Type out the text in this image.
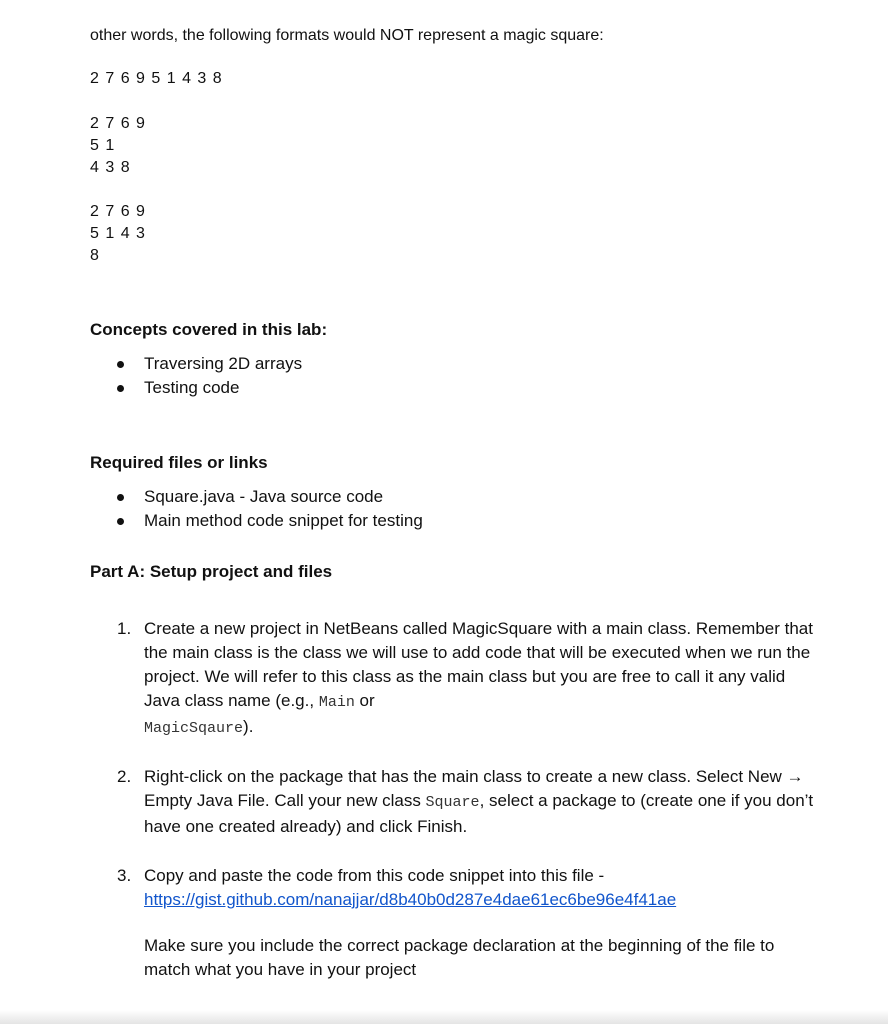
other words, the following formats would NOT represent a magic square:

2 7 6 9 5 1 4 3 8
2 7 6 9
5 1
4 3 8
2 7 6 9
5 1 4 3
8
Concepts covered in this lab:
Traversing 2D arrays
Testing code
Required files or links
Square.java - Java source code
Main method code snippet for testing
Part A: Setup project and files
1. Create a new project in NetBeans called MagicSquare with a main class. Remember that the main class is the class we will use to add code that will be executed when we run the project. We will refer to this class as the main class but you are free to call it any valid Java class name (e.g., Main or
MagicSqaure).
2. Right-click on the package that has the main class to create a new class. Select New → Empty Java File. Call your new class Square, select a package to (create one if you don’t have one created already) and click Finish.
3. Copy and paste the code from this code snippet into this file -
https://gist.github.com/nanajjar/d8b40b0d287e4dae61ec6be96e4f41ae
Make sure you include the correct package declaration at the beginning of the file to match what you have in your project
